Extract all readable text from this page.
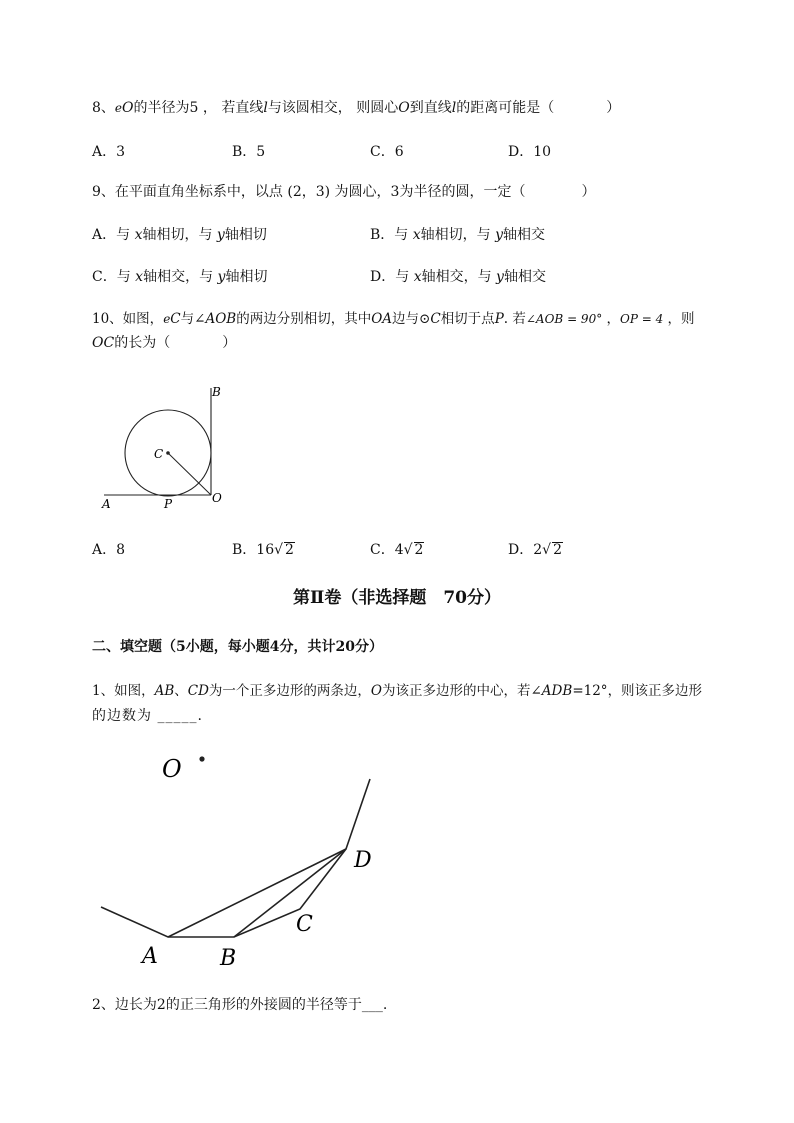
8、eO的半径为5 ， 若直线l与该圆相交， 则圆心O到直线l的距离可能是（	）
A．3	B．5	C．6	D．10
9、在平面直角坐标系中，以点 (2，3) 为圆心，3为半径的圆，一定（	）
A．与 x轴相切，与 y轴相切	B．与 x轴相切，与 y轴相交
C．与 x轴相交，与 y轴相切	D．与 x轴相交，与 y轴相交
10、如图，eC与∠AOB的两边分别相切，其中OA边与⊙C相切于点P. 若∠AOB = 90° ，OP = 4 ，则
OC的长为（	）
B
C
A	P	O
A．8	B．16√ 2	C．4√ 2	D．2√ 2
第Ⅱ卷（非选择题　70分）
二、填空题（5小题，每小题4分，共计20分）
1、如图，AB、CD为一个正多边形的两条边，O为该正多边形的中心，若∠ADB=12°，则该正多边形
的边数为 _____.
O
A	B
C
D
2、边长为2的正三角形的外接圆的半径等于___.
